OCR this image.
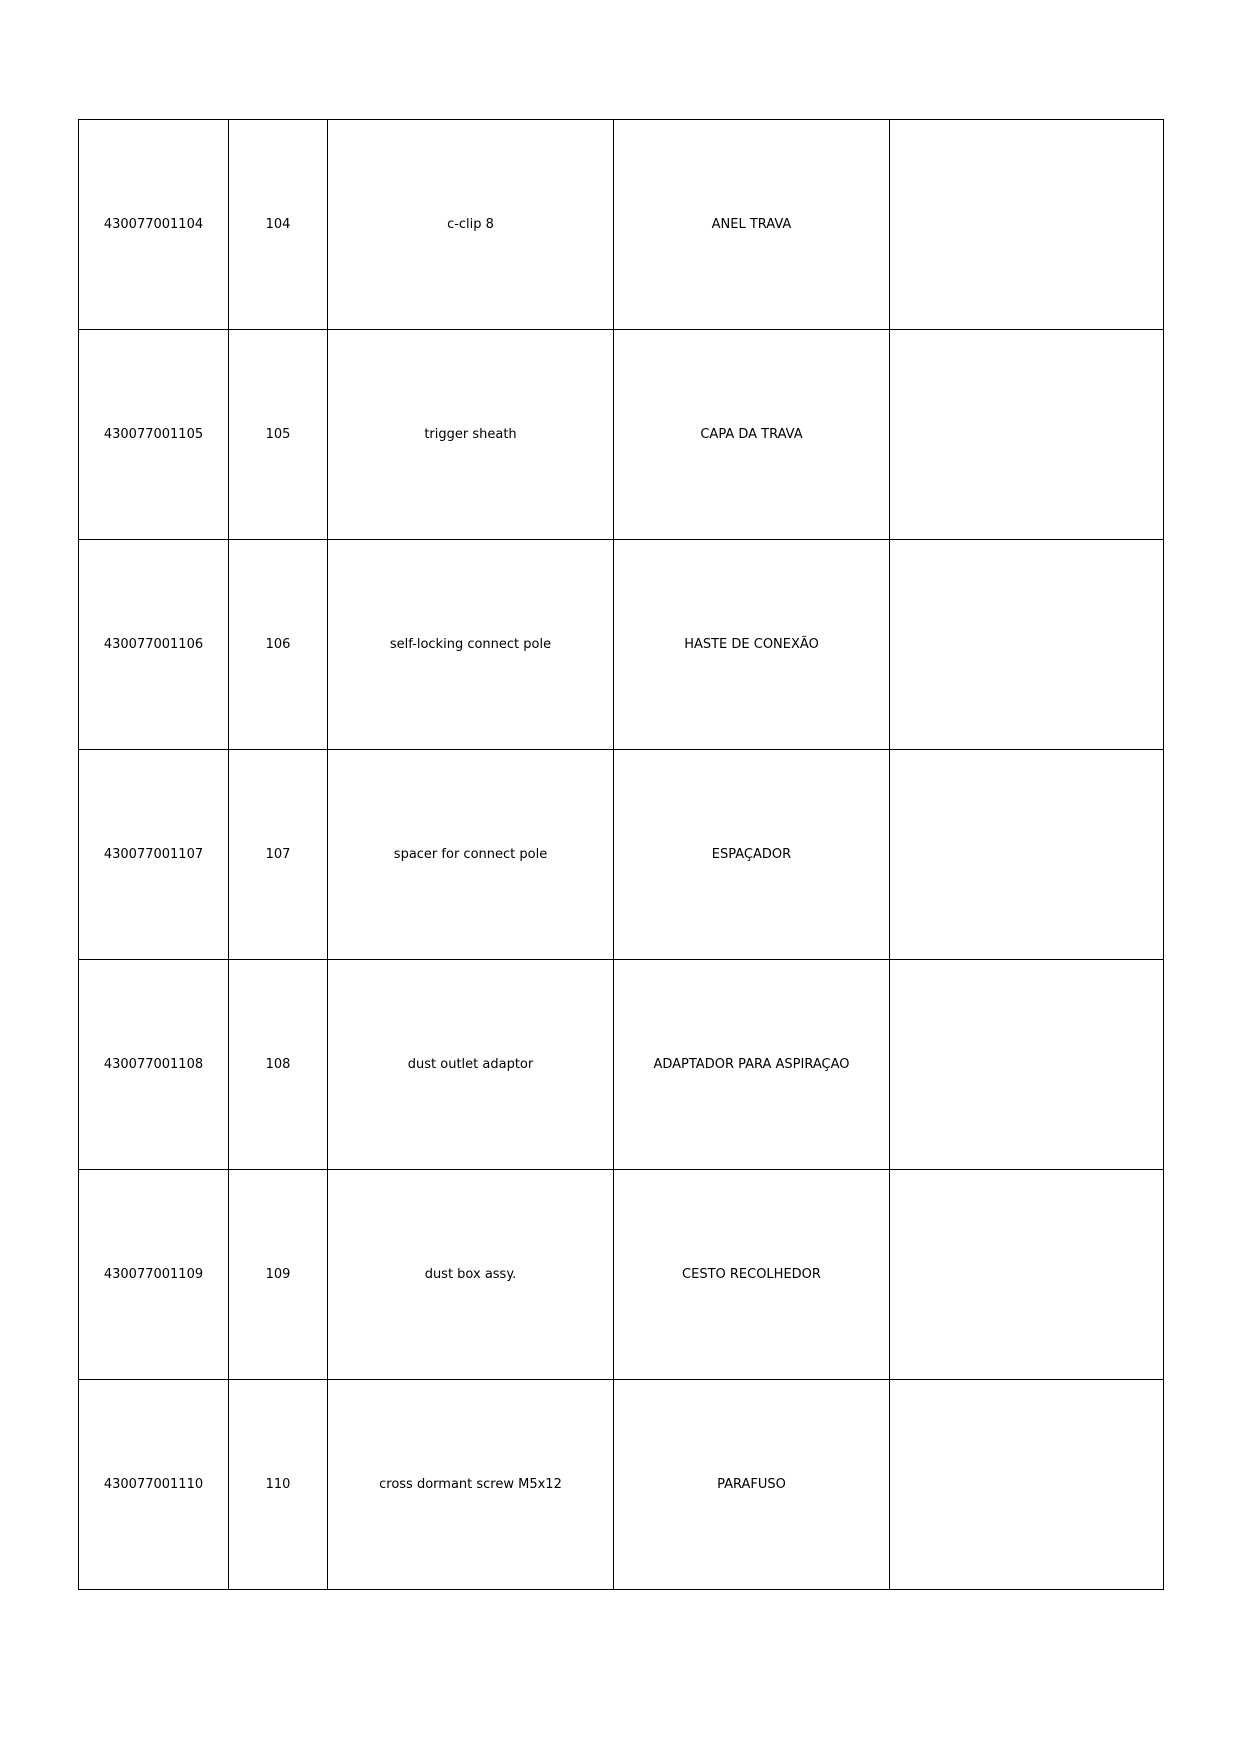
430077001104	104	c-clip 8	ANEL TRAVA	
430077001105	105	trigger sheath	CAPA DA TRAVA	
430077001106	106	self-locking connect pole	HASTE DE CONEXÃO	
430077001107	107	spacer for connect pole	ESPAÇADOR	
430077001108	108	dust outlet adaptor	ADAPTADOR PARA ASPIRAÇAO	
430077001109	109	dust box assy.	CESTO RECOLHEDOR	
430077001110	110	cross dormant screw M5x12	PARAFUSO	
